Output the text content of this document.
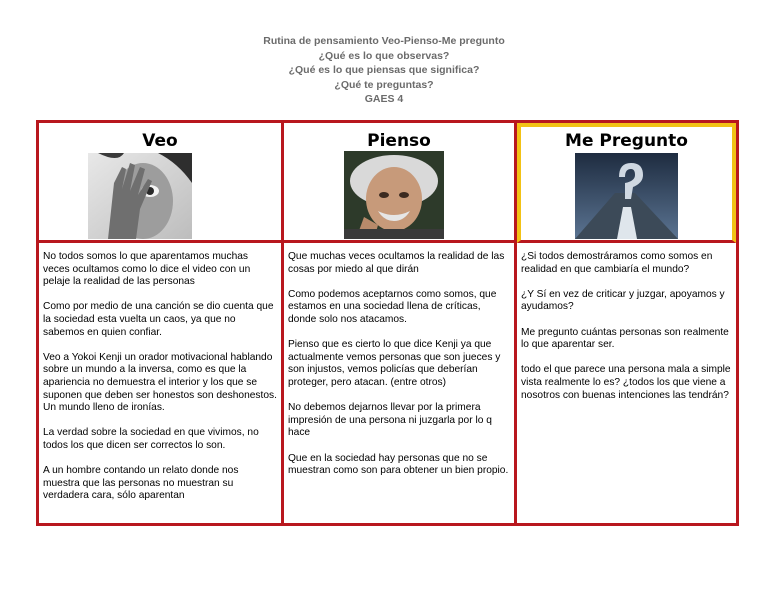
Rutina de pensamiento Veo-Pienso-Me pregunto
¿Qué es lo que observas?
¿Qué es lo que piensas que significa?
¿Qué te preguntas?
GAES 4
Veo

No todos somos lo que aparentamos muchas veces ocultamos como lo dice el video con un pelaje la realidad de las personas

Como por medio de una canción se dio cuenta que la sociedad esta vuelta un caos, ya que no sabemos en quien confiar.

Veo a Yokoi Kenji un orador motivacional hablando sobre un mundo a la inversa, como es que la apariencia no demuestra el interior y los que se suponen que deben ser honestos son deshonestos. Un mundo lleno de ironías.

La verdad sobre la sociedad en que vivimos, no todos los que dicen ser correctos lo son.

A un hombre contando un relato donde nos muestra que las personas no muestran su verdadera cara, sólo aparentan

Pienso

Que muchas veces ocultamos la realidad de las cosas por miedo al que dirán

Como podemos aceptarnos como somos, que estamos en una sociedad llena de críticas, donde solo nos atacamos.

Pienso que es cierto lo que dice Kenji ya que actualmente vemos personas que son jueces y son injustos, vemos policías que deberían proteger, pero atacan. (entre otros)

No debemos dejarnos llevar por la primera impresión de una persona ni juzgarla por lo q hace

Que en la sociedad hay personas que no se muestran como son para obtener un bien propio.

Me Pregunto

¿Si todos demostráramos como somos en realidad en que cambiaría el mundo?

¿Y Sí en vez de criticar y juzgar, apoyamos y ayudamos?

Me pregunto cuántas personas son realmente lo que aparentar ser.

todo el que parece una persona mala a simple vista realmente lo es? ¿todos los que viene a nosotros con buenas intenciones las tendrán?
